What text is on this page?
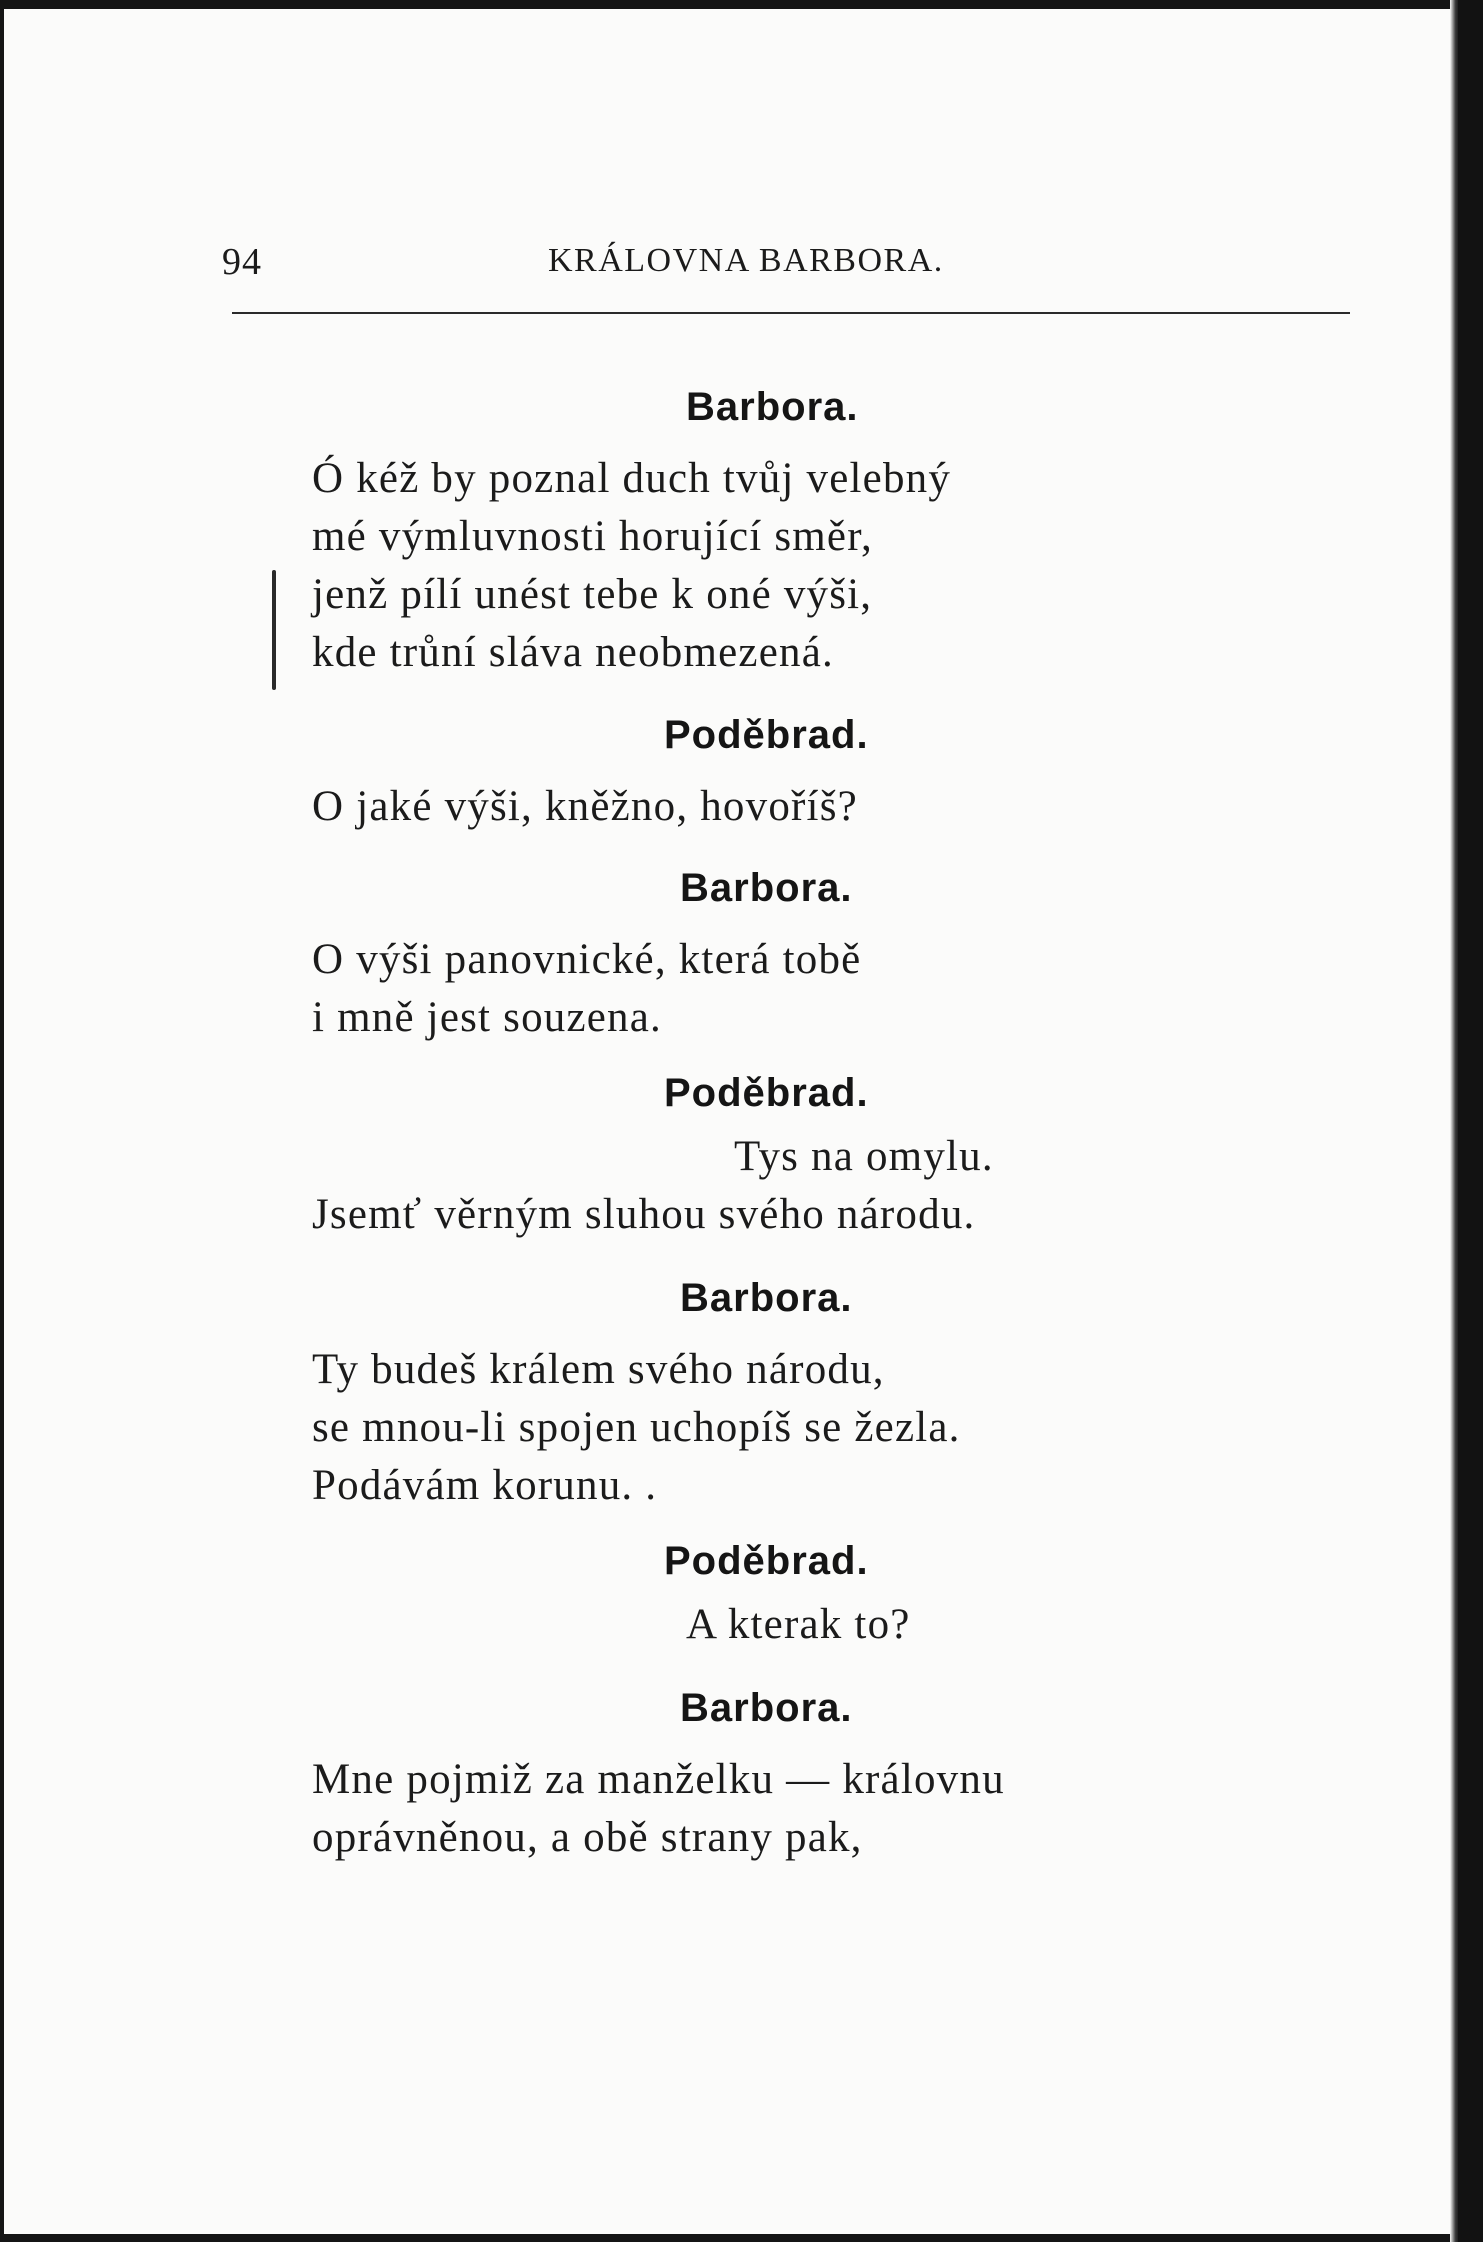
94	KRÁLOVNA BARBORA.
Barbora.
Ó kéž by poznal duch tvůj velebný
mé výmluvnosti horující směr,
jenž pílí unést tebe k oné výši,
kde trůní sláva neobmezená.
Poděbrad.
O jaké výši, kněžno, hovoříš?
Barbora.
O výši panovnické, která tobě
i mně jest souzena.
Poděbrad.
Tys na omylu.
Jsemť věrným sluhou svého národu.
Barbora.
Ty budeš králem svého národu,
se mnou-li spojen uchopíš se žezla.
Podávám korunu. .
Poděbrad.
A kterak to?
Barbora.
Mne pojmiž za manželku — královnu
oprávněnou, a obě strany pak,
